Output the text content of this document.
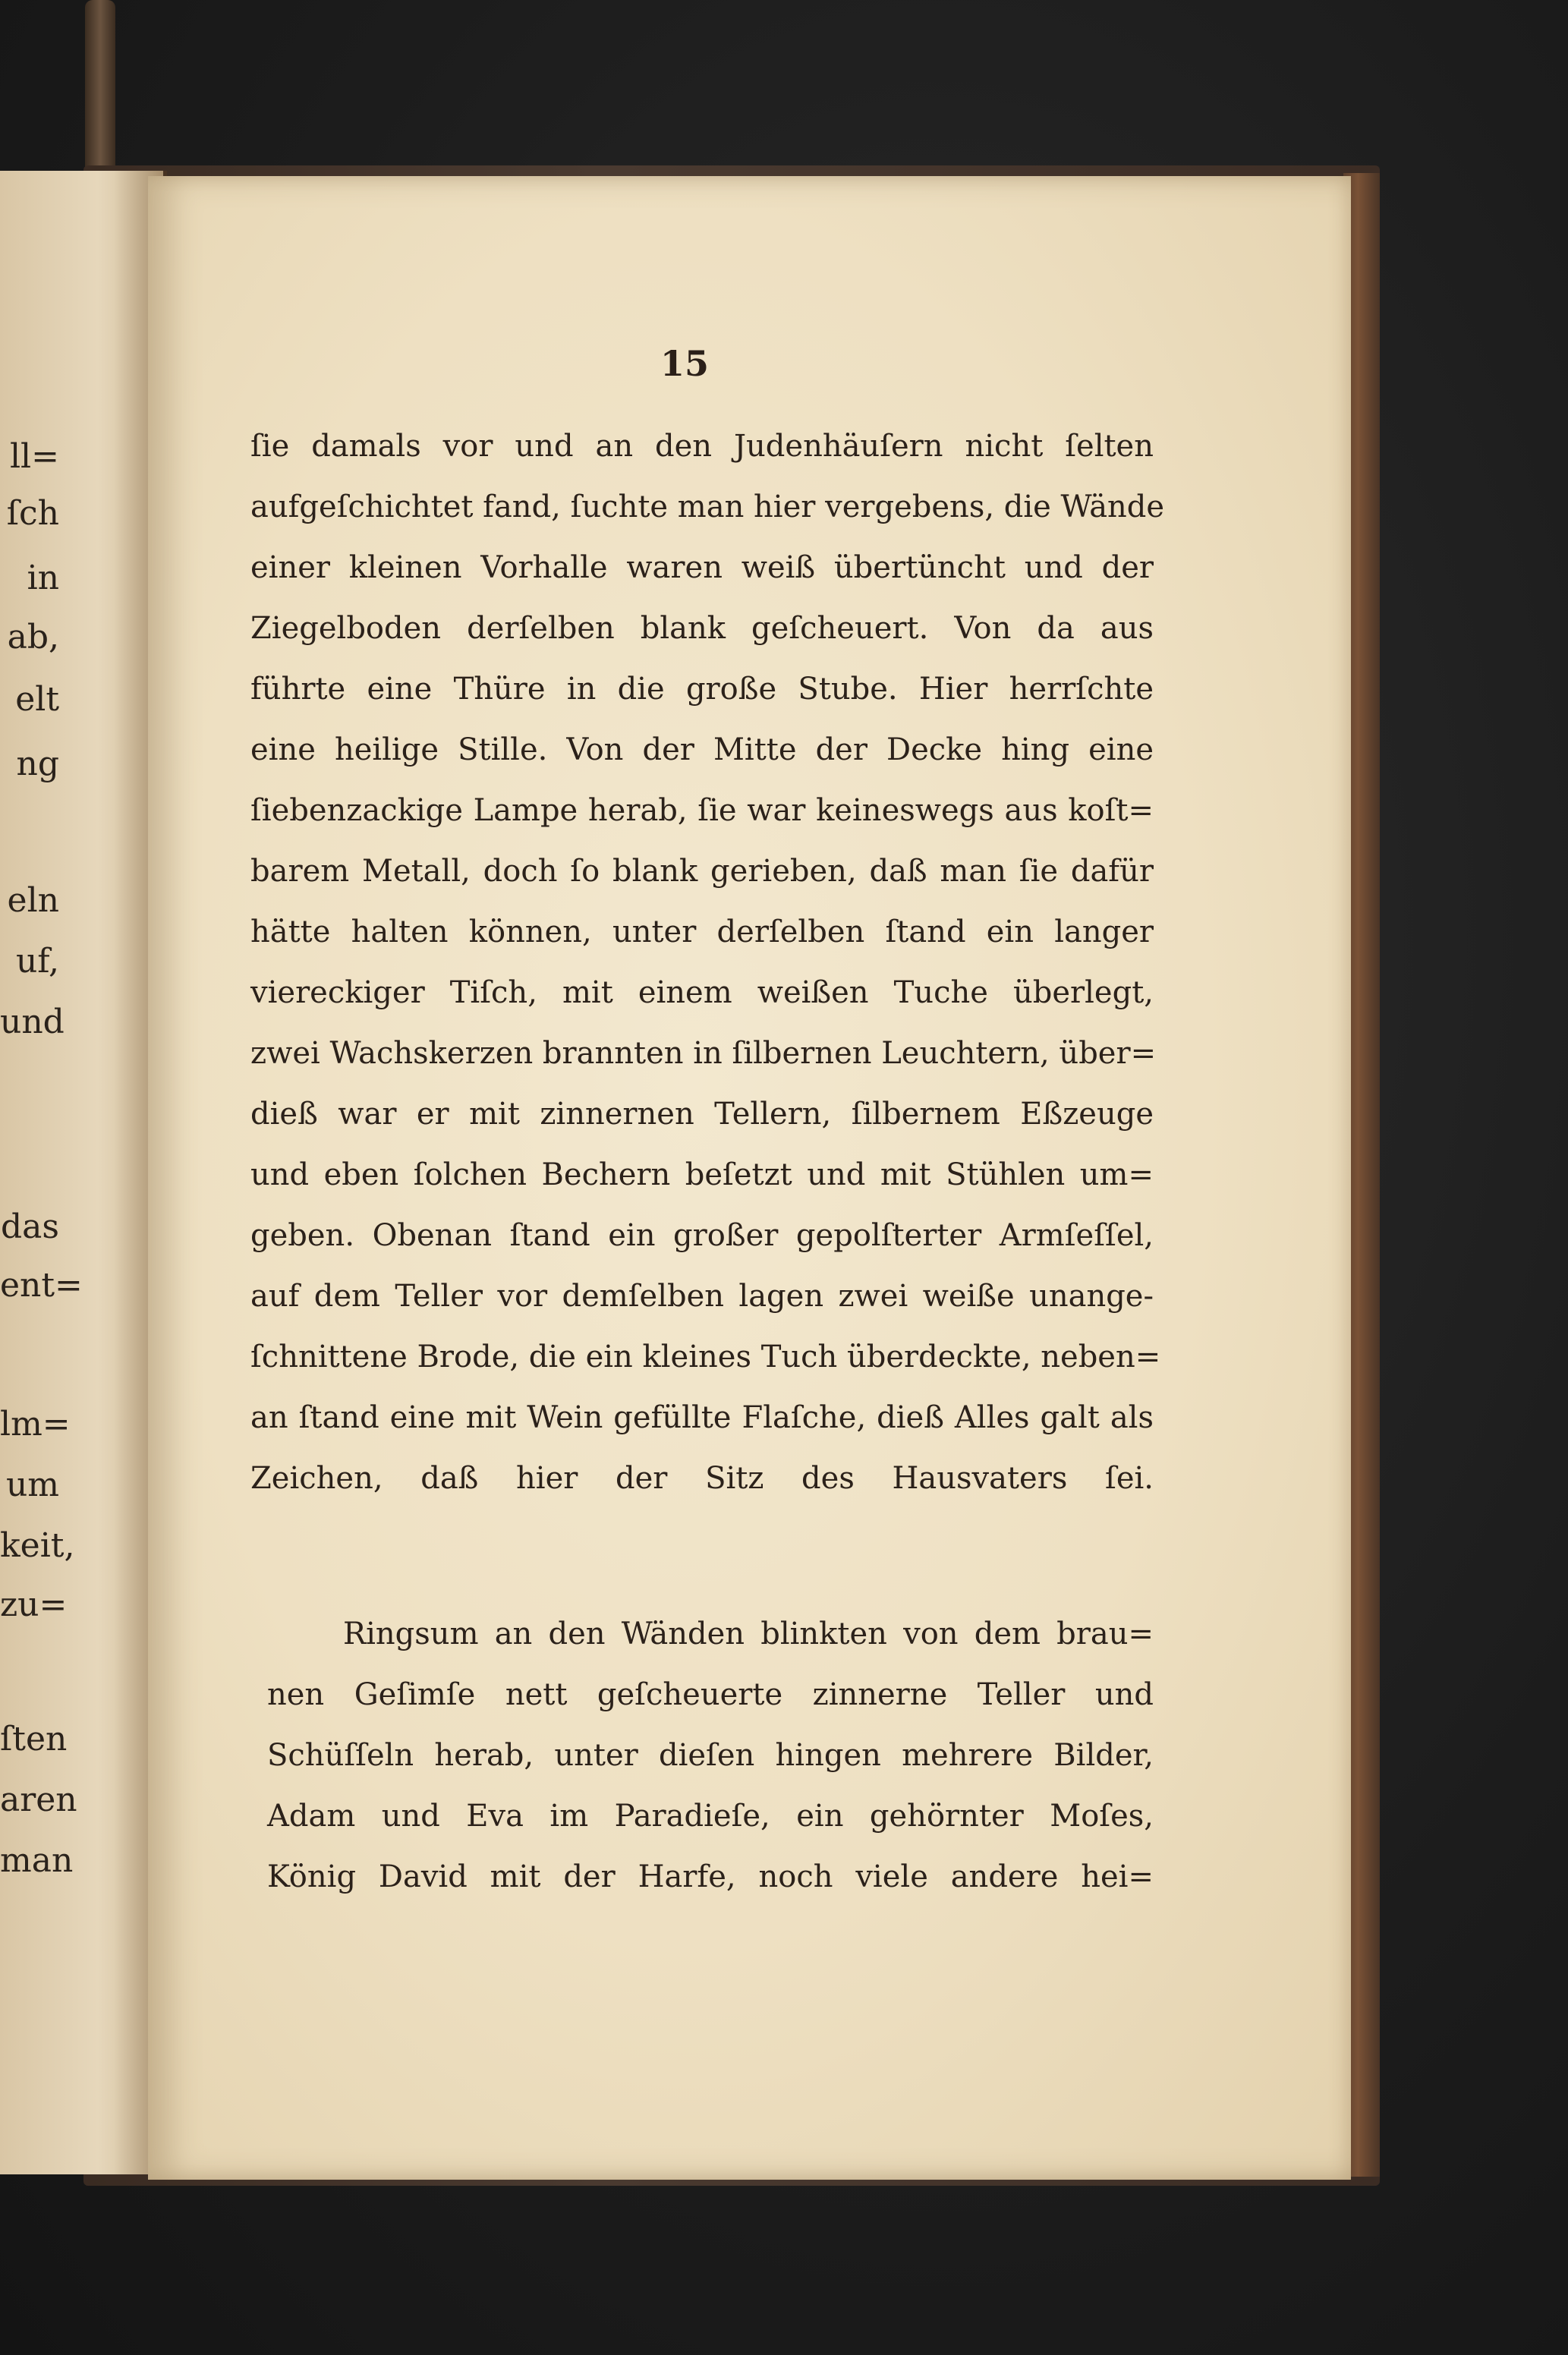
ll=
ſch
in
ab,
elt
ng
eln
uf,
und
das
ent=
lm=
um
keit,
zu=
ſten
aren
man
15
ſie damals vor und an den Judenhäuſern nicht ſelten
aufgeſchichtet fand, ſuchte man hier vergebens, die Wände
einer kleinen Vorhalle waren weiß übertüncht und der
Ziegelboden derſelben blank geſcheuert. Von da aus
führte eine Thüre in die große Stube. Hier herrſchte
eine heilige Stille. Von der Mitte der Decke hing eine
ſiebenzackige Lampe herab, ſie war keineswegs aus koſt=
barem Metall, doch ſo blank gerieben, daß man ſie dafür
hätte halten können, unter derſelben ſtand ein langer
viereckiger Tiſch, mit einem weißen Tuche überlegt,
zwei Wachskerzen brannten in ſilbernen Leuchtern, über=
dieß war er mit zinnernen Tellern, ſilbernem Eßzeuge
und eben ſolchen Bechern beſetzt und mit Stühlen um=
geben. Obenan ſtand ein großer gepolſterter Armſeſſel,
auf dem Teller vor demſelben lagen zwei weiße unange-
ſchnittene Brode, die ein kleines Tuch überdeckte, neben=
an ſtand eine mit Wein gefüllte Flaſche, dieß Alles galt als
Zeichen, daß hier der Sitz des Hausvaters ſei.
Ringsum an den Wänden blinkten von dem brau=
nen Geſimſe nett geſcheuerte zinnerne Teller und
Schüſſeln herab, unter dieſen hingen mehrere Bilder,
Adam und Eva im Paradieſe, ein gehörnter Moſes,
König David mit der Harfe, noch viele andere hei=
